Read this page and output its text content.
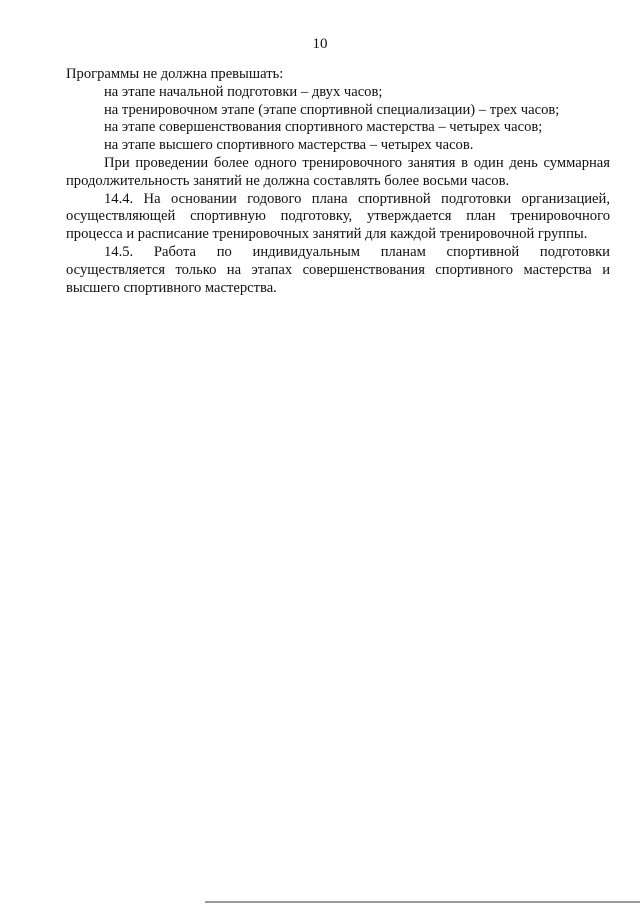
10

Программы не должна превышать:

на этапе начальной подготовки – двух часов;

на тренировочном этапе (этапе спортивной специализации) – трех часов;

на этапе совершенствования спортивного мастерства – четырех часов;

на этапе высшего спортивного мастерства – четырех часов.

При проведении более одного тренировочного занятия в один день суммарная продолжительность занятий не должна составлять более восьми часов.

14.4. На основании годового плана спортивной подготовки организацией, осуществляющей спортивную подготовку, утверждается план тренировочного процесса и расписание тренировочных занятий для каждой тренировочной группы.

14.5. Работа по индивидуальным планам спортивной подготовки осуществляется только на этапах совершенствования спортивного мастерства и высшего спортивного мастерства.
